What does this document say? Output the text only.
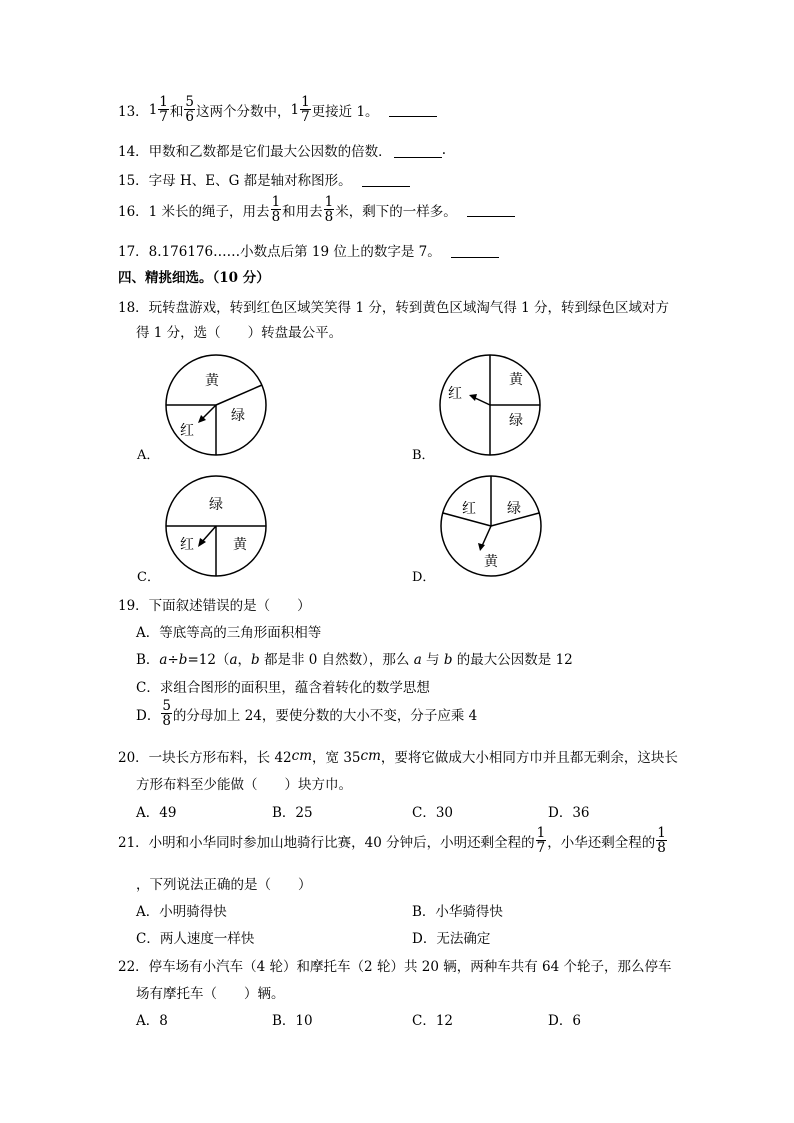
13． $1 \frac{1}{7}$ 和 $\frac{5}{6}$ 这两个分数中， $1 \frac{1}{7}$ 更接近 1。
14．甲数和乙数都是它们最大公因数的倍数．	.
15．字母 H、E、G 都是轴对称图形。
16．1 米长的绳子，用去 $\frac{1}{8}$ 和用去 $\frac{1}{8}$ 米，剩下的一样多。
17．8.176176……小数点后第 19 位上的数字是 7。
四、精挑细选。（10 分）
18．玩转盘游戏，转到红色区域笑笑得 1 分，转到黄色区域淘气得 1 分，转到绿色区域对方
得 1 分，选（　　）转盘最公平。
黄
绿
红
A．
红
黄
绿
B．
绿
红	黄
C．
红 绿
黄
D．
19．下面叙述错误的是（　　）
A．等底等高的三角形面积相等
B．a÷b=12（a，b 都是非 0 自然数），那么 a 与 b 的最大公因数是 12
C．求组合图形的面积里，蕴含着转化的数学思想
D． $\frac{5}{8}$ 的分母加上 24，要使分数的大小不变，分子应乘 4
20．一块长方形布料，长 42 cm ，宽 35 cm ，要将它做成大小相同方巾并且都无剩余，这块长
方形布料至少能做（　　）块方巾。
A．49	B．25	C．30	D．36
21．小明和小华同时参加山地骑行比赛，40 分钟后，小明还剩全程的 $\frac{1}{7}$ ，小华还剩全程的 $\frac{1}{8}$
，下列说法正确的是（　　）
A．小明骑得快	B．小华骑得快
C．两人速度一样快	D．无法确定
22．停车场有小汽车（4 轮）和摩托车（2 轮）共 20 辆，两种车共有 64 个轮子，那么停车
场有摩托车（　　）辆。
A．8	B．10	C．12	D．6
